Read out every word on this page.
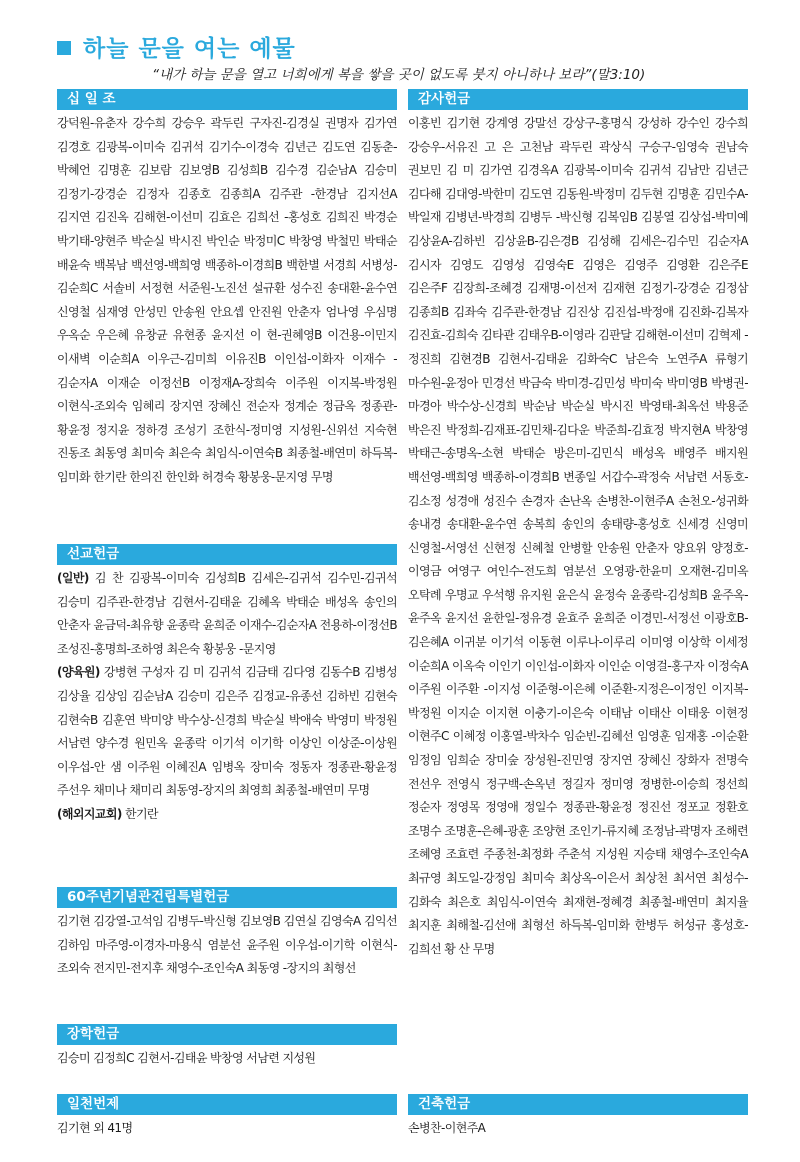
하늘 문을 여는 예물
“내가 하늘 문을 열고 너희에게 복을 쌓을 곳이 없도록 붓지 아니하나 보라”(말3:10)
십 일 조
강덕원-유춘자 강수희 강승우 곽두린 구자진-김경실 권명자 김가연 김경호 김광복-이미숙 김귀석 김기수-이경숙 김년근 김도연 김동춘-박혜언 김명훈 김보람 김보영B 김성희B 김수경 김순남A 김승미 김정기-강경순 김정자 김종호 김종희A 김주관 -한경남 김지선A 김지연 김진옥 김해현-이선미 김효은 김희선 -홍성호 김희진 박경순 박기태-양현주 박순실 박시진 박인순 박정미C 박창영 박철민 박태순 배윤숙 백복남 백선영-백희영 백종하-이경희B 백한별 서경희 서병성-김순희C 서솔비 서정현 서준원-노진선 설규환 성수진 송대환-윤수연 신영철 심재영 안성민 안송원 안요셉 안진원 안춘자 엄나영 우심명 우옥순 우은혜 유창균 유현종 윤지선 이 현-권혜영B 이건용-이민지 이새벽 이순희A 이우근-김미희 이유진B 이인섭-이화자 이재수 -김순자A 이재순 이정선B 이정재A-장희숙 이주원 이지복-박정원 이현식-조외숙 임혜리 장지연 장혜신 전순자 정계순 정금옥 정종관-황윤정 정지윤 정하경 조성기 조한식-정미영 지성원-신위선 지숙현 진동조 최동영 최미숙 최은숙 최임식-이연숙B 최종철-배연미 하득복-임미화 한기란 한의진 한인화 허경숙 황봉웅-문지영 무명
선교헌금
(일반) 김 찬 김광복-이미숙 김성희B 김세은-김귀석 김수민-김귀석 김승미 김주관-한경남 김현서-김태윤 김혜옥 박태순 배성옥 송인의 안춘자 윤금덕-최유향 윤종락 윤희준 이재수-김순자A 전용하-이정선B 조성진-홍명희-조하영 최은숙 황봉웅 -문지영
(양육원) 강병현 구성자 김 미 김귀석 김금태 김다영 김동수B 김병성 김상율 김상임 김순남A 김승미 김은주 김정교-유종선 김하빈 김현숙 김현숙B 김훈연 박미양 박수상-신경희 박순실 박애숙 박영미 박정원 서남련 양수경 원민옥 윤종락 이기석 이기학 이상인 이상준-이상원 이우섭-안 샘 이주원 이혜진A 임병옥 장미숙 정동자 정종관-황윤정 주선우 채미나 채미리 최동영-장지의 최영희 최종철-배연미 무명
(해외지교회) 한기란
60주년기념관건립특별헌금
김기현 김강열-고석임 김병두-박신형 김보영B 김연실 김영숙A 김익선 김하임 마주영-이경자-마용식 염분선 윤주원 이우섭-이기학 이현식-조외숙 전지민-전지후 채영수-조인숙A 최동영 -장지의 최형선
장학헌금
김승미 김정희C 김현서-김태윤 박창영 서남련 지성원
일천번제
김기현 외 41명
감사헌금
이홍빈 김기현 강계영 강말선 강상구-홍명식 강성하 강수인 강수희 강승우-서유진 고 은 고천남 곽두린 곽상식 구승구-임영숙 권남숙 권보민 김 미 김가연 김경옥A 김광복-이미숙 김귀석 김남만 김년근 김다해 김대영-박한미 김도연 김동원-박정미 김두현 김명훈 김민수A-박일재 김병년-박경희 김병두 -박신형 김복임B 김봉열 김상섭-박미예 김상윤A-김하빈 김상윤B-김은경B 김성해 김세은-김수민 김순자A 김시자 김영도 김영성 김영숙E 김영은 김영주 김영환 김은주E 김은주F 김장희-조혜경 김재명-이선저 김재현 김정기-강경순 김정삼 김종희B 김좌숙 김주관-한경남 김진상 김진섭-박정애 김진화-김복자 김진효-김희숙 김타관 김태우B-이영라 김판달 김해현-이선미 김혁제 -정진희 김현경B 김현서-김태윤 김화숙C 남은숙 노연주A 류형기 마수원-윤정아 민경선 박금숙 박미경-김민성 박미숙 박미영B 박병권-마경아 박수상-신경희 박순남 박순실 박시진 박영태-최옥선 박용준 박은진 박정희-김재표-김민채-김다운 박준희-김효정 박지현A 박창영 박태근-송명옥-소현 박태순 방은미-김민식 배성옥 배영주 배지원 백선영-백희영 백종하-이경희B 변종일 서갑수-곽정숙 서남련 서동호-김소정 성경애 성진수 손경자 손난옥 손병찬-이현주A 손천오-성귀화 송내경 송대환-윤수연 송복희 송인의 송태량-홍성호 신세경 신영미 신영철-서영선 신현정 신혜철 안병할 안송원 안춘자 양요위 양정호-이영금 여영구 여인수-전도희 염분선 오영광-한윤미 오재현-김미옥 오탁례 우명교 우석행 유지원 윤은식 윤정숙 윤종락-김성희B 윤주옥-윤주옥 윤지선 윤한일-정유경 윤효주 윤희준 이경민-서정선 이광호B-김은혜A 이귀분 이기석 이동현 이루나-이루리 이미영 이상학 이세정 이순희A 이옥숙 이인기 이인섭-이화자 이인순 이영걸-홍구자 이정숙A 이주원 이주환 -이지성 이준형-이은혜 이준환-지정은-이정인 이지복-박정원 이지순 이지현 이충기-이은숙 이태남 이태산 이태웅 이현정 이현주C 이혜정 이홍열-박차수 임순빈-김혜선 임영훈 임재홍 -이순환 임정임 임희순 장미숲 장성원-진민영 장지연 장혜신 장화자 전명숙 전선우 전영식 정구백-손옥년 정길자 정미영 정병한-이승희 정선희 정순자 정영목 정영애 정일수 정종관-황윤정 정진선 정포교 정환호 조명수 조명훈-은혜-광훈 조양현 조인기-류지혜 조정남-곽명자 조해련 조혜영 조효련 주종천-최정화 주춘석 지성원 지승태 채영수-조인숙A 최규영 최도일-강정임 최미숙 최상옥-이은서 최상천 최서연 최성수-김화숙 최은호 최임식-이연숙 최재현-정혜경 최종철-배연미 최지율 최지훈 최해철-김선애 최형선 하득복-임미화 한병두 허성규 홍성호-김희선 황 산 무명
건축헌금
손병찬-이현주A
